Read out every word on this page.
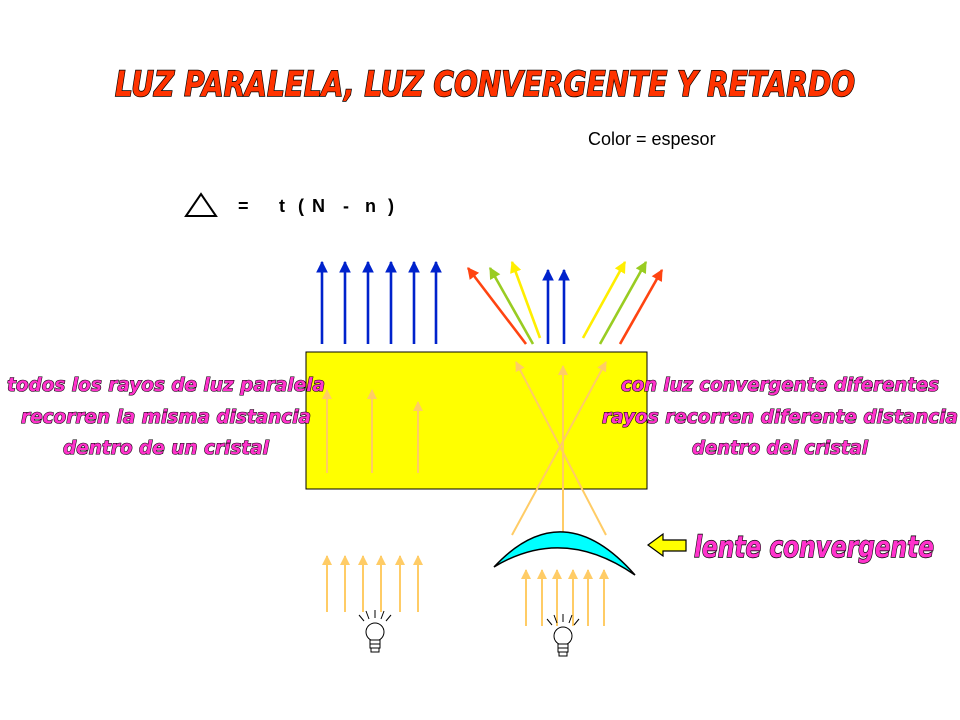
LUZ PARALELA, LUZ CONVERGENTE Y RETARDO
Color = espesor
= t ( N - n )
todos los rayos de luz paralela
recorren la misma distancia
dentro de un cristal
con luz convergente diferentes
rayos recorren diferente distancia
dentro del cristal
lente convergente
